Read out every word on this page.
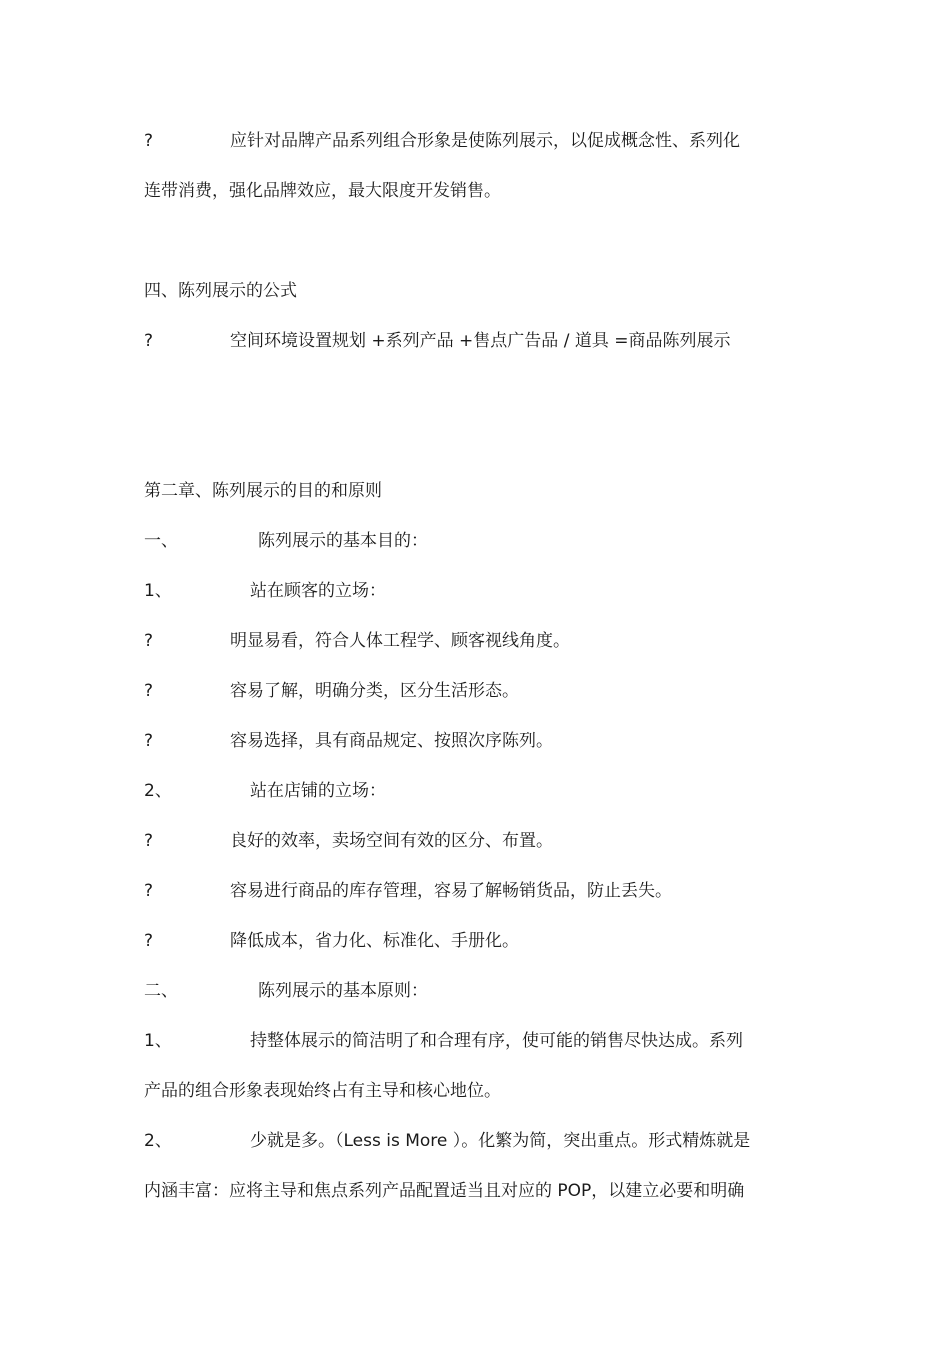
?	应针对品牌产品系列组合形象是使陈列展示，以促成概念性、系列化
连带消费，强化品牌效应，最大限度开发销售。
四、陈列展示的公式
?	空间环境设置规划 +系列产品 +售点广告品 / 道具 =商品陈列展示
第二章、陈列展示的目的和原则
一、	陈列展示的基本目的：
1、	站在顾客的立场：
?	明显易看，符合人体工程学、顾客视线角度。
?	容易了解，明确分类，区分生活形态。
?	容易选择，具有商品规定、按照次序陈列。
2、	站在店铺的立场：
?	良好的效率，卖场空间有效的区分、布置。
?	容易进行商品的库存管理，容易了解畅销货品，防止丢失。
?	降低成本，省力化、标准化、手册化。
二、	陈列展示的基本原则：
1、	持整体展示的简洁明了和合理有序，使可能的销售尽快达成。系列
产品的组合形象表现始终占有主导和核心地位。
2、	少就是多。（Less is More ）。化繁为简，突出重点。形式精炼就是
内涵丰富：应将主导和焦点系列产品配置适当且对应的 POP，以建立必要和明确
